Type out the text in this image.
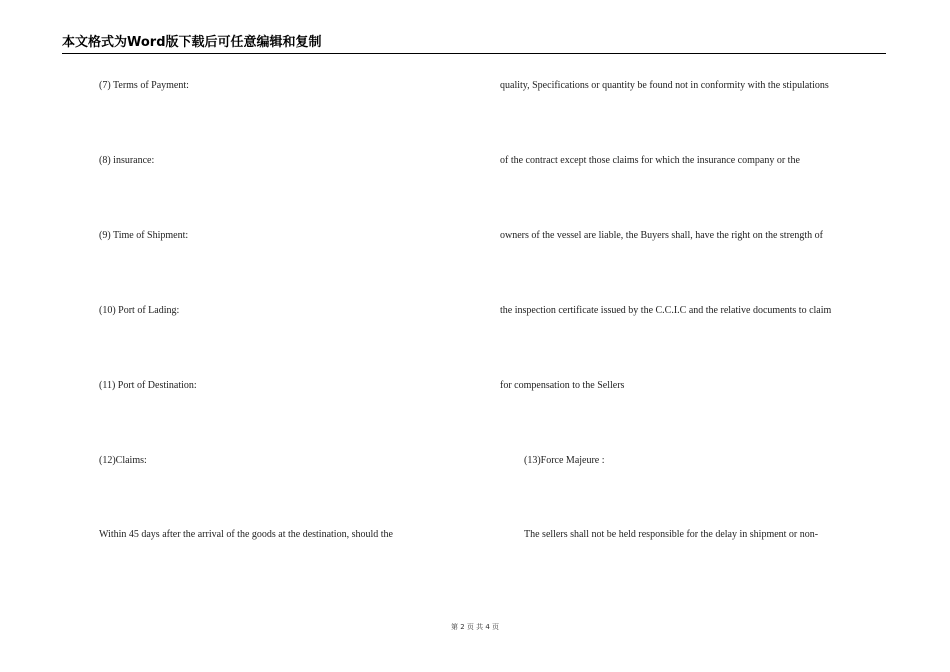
本文格式为Word版下载后可任意编辑和复制
(7) Terms of Payment:
(8) insurance:
(9) Time of Shipment:
(10) Port of Lading:
(11) Port of Destination:
(12)Claims:
Within 45 days after the arrival of the goods at the destination, should the
quality, Specifications or quantity be found not in conformity with the stipulations
of the contract except those claims for which the insurance company or the
owners of the vessel are liable, the Buyers shall, have the right on the strength of
the inspection certificate issued by the C.C.I.C and the relative documents to claim
for compensation to the Sellers
(13)Force Majeure :
The sellers shall not be held responsible for the delay in shipment or non-
第 2 页 共 4 页
